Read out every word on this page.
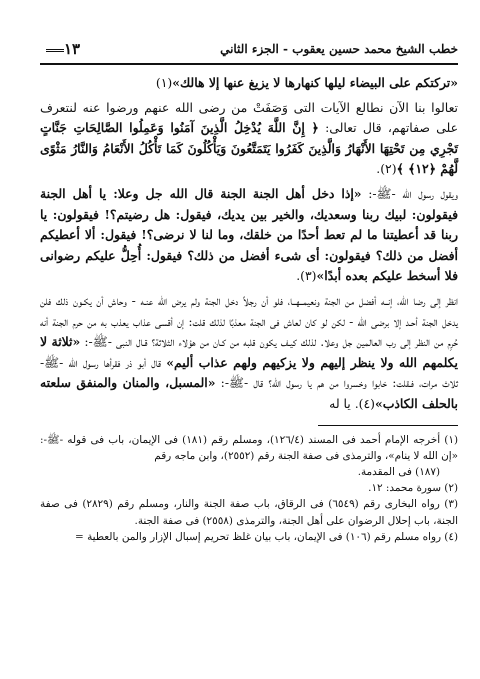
خطب الشيخ محمد حسين يعقوب - الجزء الثاني
١٣

«تركتكم على البيضاء ليلها كنهارها لا يزيغ عنها إلا هالك»(١)

تعالوا بنا الآن نطالع الآيات التى وَصَفَتْ من رضى الله عنهم ورضوا عنه لنتعرف على صفاتهم، قال تعالى: ﴿ إِنَّ اللَّهَ يُدْخِلُ الَّذِينَ آمَنُوا وَعَمِلُوا الصَّالِحَاتِ جَنَّاتٍ تَجْرِي مِن تَحْتِهَا الأَنْهَارُ وَالَّذِينَ كَفَرُوا يَتَمَتَّعُونَ وَيَأْكُلُونَ كَمَا تَأْكُلُ الأَنْعَامُ وَالنَّارُ مَثْوًى لَّهُمْ ﴿١٢﴾ ﴾(٢).

ويقول رسول الله -ﷺ-: «إذا دخل أهل الجنة الجنة قال الله جل وعلا: يا أهل الجنة فيقولون: لبيك ربنا وسعديك، والخير بين يديك، فيقول: هل رضيتم؟! فيقولون: يا ربنا قد أعطيتنا ما لم تعط أحدًا من خلقك، وما لنا لا نرضى؟! فيقول: ألا أعطيكم أفضل من ذلك؟ فيقولون: أى شىء أفضل من ذلك؟ فيقول: أُحِلُّ عليكم رضوانى فلا أسخط عليكم بعده أبدًا»(٣).

انظر إلى رضا الله، إنــه أفضل من الجنة ونعيمــهــا، فلو أن رجلاً دخل الجنة ولم يرض الله عنـه - وحاش أن يكـون ذلك فلن يدخل الجنة أحـد إلا برضى الله - لكن لو كان لعاش فى الجنة معذبًا لذلك قلت: إن أقسى عذاب يعذب به من حرم الجنة أنه حُرِم من النظر إلى رب العالمين جل وعلا. لذلك كيـف يكون قلبه من كـان من هؤلاء الثلاثة؟ قـال النبى -ﷺ-: «ثلاثة لا يكلمهم الله ولا ينظر إليهم ولا يزكيهم ولهم عذاب أليم» قال أبو ذر فقرأها رسول الله -ﷺ- ثلاث مرات، فـقلت: خابوا وخسروا من هم يا رسول الله؟ قال -ﷺ-: «المسبل، والمنان والمنفق سلعته بالحلف الكاذب»(٤). يا له

(١) أخرجه الإمام أحمد فى المسند (١٢٦/٤)، ومسلم رقم (١٨١) فى الإيمان، باب فى قوله -ﷺ-: «إن الله لا ينام»، والترمذى فى صفة الجنة رقم (٢٥٥٢)، وابن ماجه رقم

(١٨٧) فى المقدمة.

(٢) سورة محمد: ١٢.

(٣) رواه البخارى رقم (٦٥٤٩) فى الرقاق، باب صفة الجنة والنار، ومسلم رقم (٢٨٢٩) فى صفة الجنة، باب إحلال الرضوان على أهل الجنة، والترمذى (٢٥٥٨) فى صفة الجنة.

(٤) رواه مسلم رقم (١٠٦) فى الإيمان، باب بيان غلظ تحريم إسبال الإزار والمن بالعطية =
